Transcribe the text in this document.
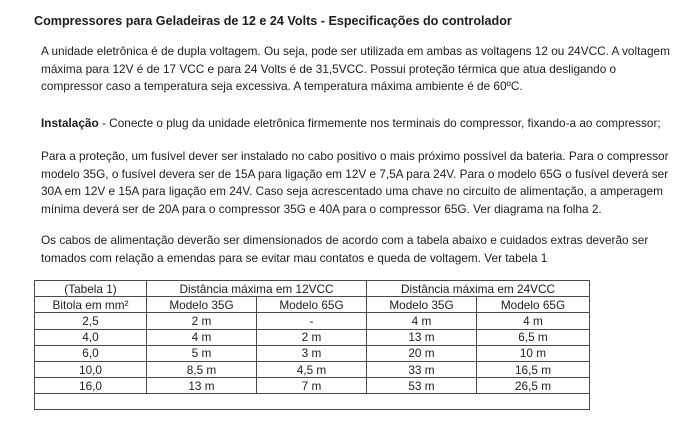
Compressores para Geladeiras de 12 e 24 Volts - Especificações do controlador
A unidade eletrônica é de dupla voltagem. Ou seja, pode ser utilizada em ambas as voltagens 12 ou 24VCC. A voltagem máxima para 12V é de 17 VCC e para 24 Volts é de 31,5VCC. Possui proteção térmica que atua desligando o compressor caso a temperatura seja excessiva. A temperatura máxima ambiente é de 60ºC.
Instalação - Conecte o plug da unidade eletrônica firmemente nos terminais do compressor, fixando-a ao compressor;
Para a proteção, um fusível dever ser instalado no cabo positivo o mais próximo possível da bateria. Para o compressor modelo 35G, o fusível devera ser de 15A para ligação em 12V e 7,5A para 24V. Para o modelo 65G o fusível deverá ser 30A em 12V e 15A para ligação em 24V. Caso seja acrescentado uma chave no circuito de alimentação, a amperagem mínima deverá ser de 20A para o compressor 35G e 40A para o compressor 65G. Ver diagrama na folha 2.
Os cabos de alimentação deverão ser dimensionados de acordo com a tabela abaixo e cuidados extras deverão ser tomados com relação a emendas para se evitar mau contatos e queda de voltagem. Ver tabela 1
(Tabela 1)	Distância máxima em 12VCC		Distância máxima em 24VCC	
Bitola em mm²	Modelo 35G	Modelo 65G	Modelo 35G	Modelo 65G
2,5	2 m	-	4 m	4 m
4,0	4 m	2 m	13 m	6,5 m
6,0	5 m	3 m	20 m	10 m
10,0	8,5 m	4,5 m	33 m	16,5 m
16,0	13 m	7 m	53 m	26,5 m
